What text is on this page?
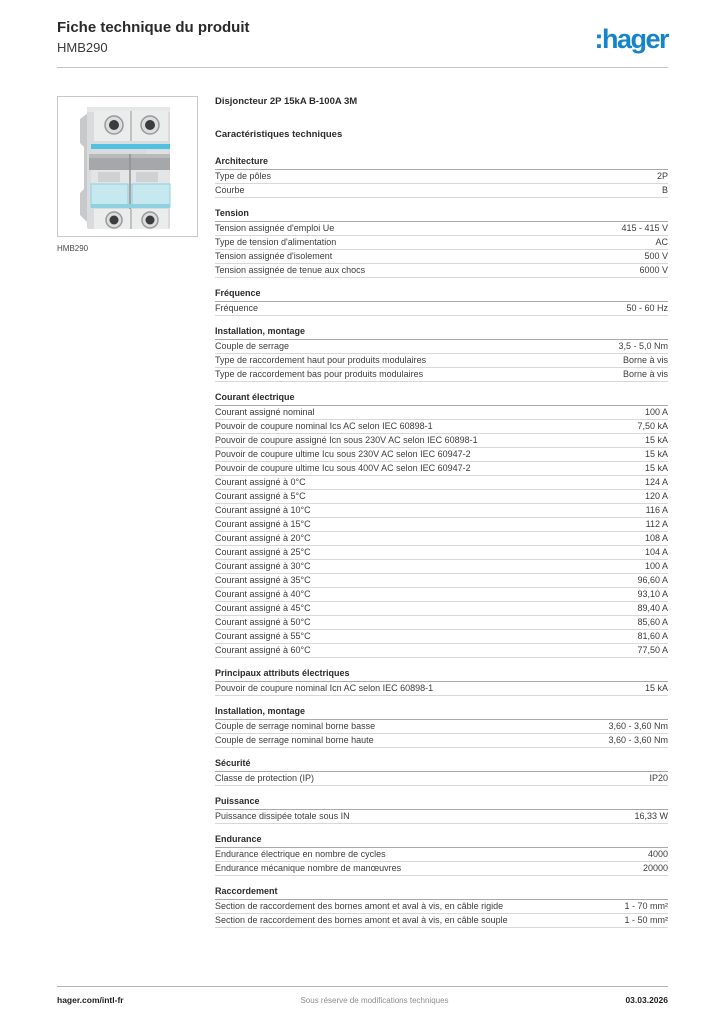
Fiche technique du produit
HMB290	:hager
HMB290
Disjoncteur 2P 15kA B-100A 3M
Caractéristiques techniques
Architecture
Type de pôles	2P
Courbe	B
Tension
Tension assignée d'emploi Ue	415 - 415 V
Type de tension d'alimentation	AC
Tension assignée d'isolement	500 V
Tension assignée de tenue aux chocs	6000 V
Fréquence
Fréquence	50 - 60 Hz
Installation, montage
Couple de serrage	3,5 - 5,0 Nm
Type de raccordement haut pour produits modulaires	Borne à vis
Type de raccordement bas pour produits modulaires	Borne à vis
Courant électrique
Courant assigné nominal	100 A
Pouvoir de coupure nominal Ics AC selon IEC 60898-1	7,50 kA
Pouvoir de coupure assigné Icn sous 230V AC selon IEC 60898-1	15 kA
Pouvoir de coupure ultime Icu sous 230V AC selon IEC 60947-2	15 kA
Pouvoir de coupure ultime Icu sous 400V AC selon IEC 60947-2	15 kA
Courant assigné à 0°C	124 A
Courant assigné à 5°C	120 A
Courant assigné à 10°C	116 A
Courant assigné à 15°C	112 A
Courant assigné à 20°C	108 A
Courant assigné à 25°C	104 A
Courant assigné à 30°C	100 A
Courant assigné à 35°C	96,60 A
Courant assigné à 40°C	93,10 A
Courant assigné à 45°C	89,40 A
Courant assigné à 50°C	85,60 A
Courant assigné à 55°C	81,60 A
Courant assigné à 60°C	77,50 A
Principaux attributs électriques
Pouvoir de coupure nominal Icn AC selon IEC 60898-1	15 kA
Installation, montage
Couple de serrage nominal borne basse	3,60 - 3,60 Nm
Couple de serrage nominal borne haute	3,60 - 3,60 Nm
Sécurité
Classe de protection (IP)	IP20
Puissance
Puissance dissipée totale sous IN	16,33 W
Endurance
Endurance électrique en nombre de cycles	4000
Endurance mécanique nombre de manœuvres	20000
Raccordement
Section de raccordement des bornes amont et aval à vis, en câble rigide	1 - 70 mm²
Section de raccordement des bornes amont et aval à vis, en câble souple	1 - 50 mm²
hager.com/intl-fr	Sous réserve de modifications techniques	03.03.2026
